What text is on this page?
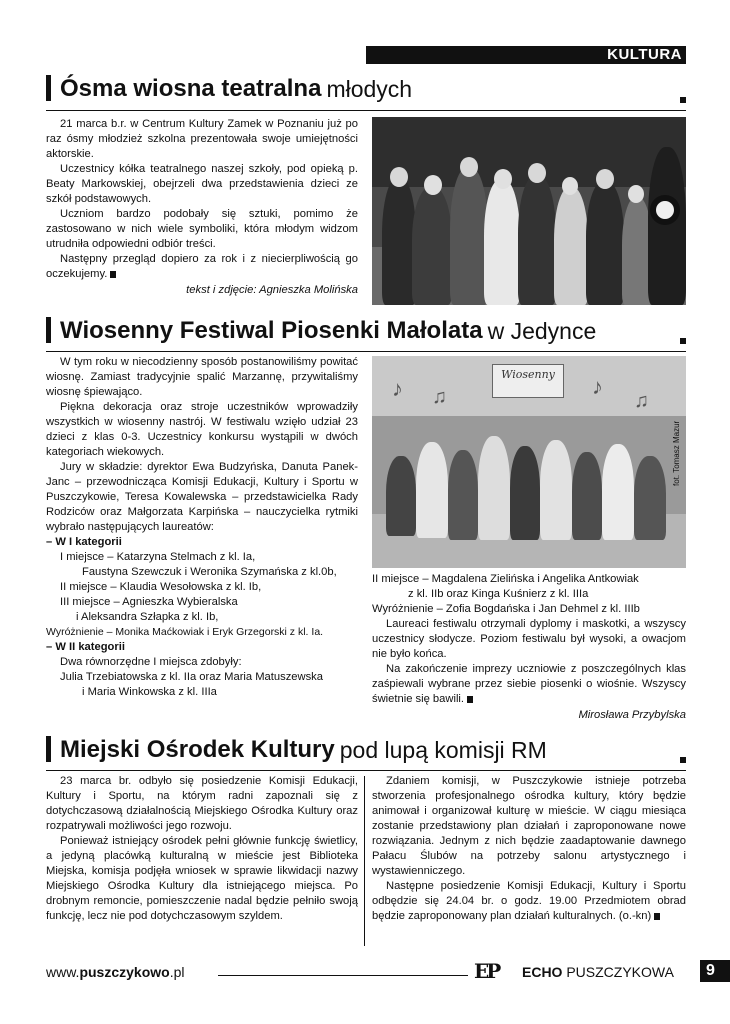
KULTURA
Ósma wiosna teatralna młodych

21 marca b.r. w Centrum Kultury Zamek w Poznaniu już po raz ósmy młodzież szkolna prezentowała swoje umiejętności aktorskie.

Uczestnicy kółka teatralnego naszej szkoły, pod opieką p. Beaty Markowskiej, obejrzeli dwa przedstawienia dzieci ze szkół podstawowych.

Uczniom bardzo podobały się sztuki, pomimo że zastosowano w nich wiele symboliki, która młodym widzom utrudniła odpowiedni odbiór treści.

Następny przegląd dopiero za rok i z niecierpliwością go oczekujemy.

tekst i zdjęcie: Agnieszka Molińska

Wiosenny Festiwal Piosenki Małolata w Jedynce

W tym roku w niecodzienny sposób postanowiliśmy powitać wiosnę. Zamiast tradycyjnie spalić Marzannę, przywitaliśmy wiosnę śpiewająco.

Piękna dekoracja oraz stroje uczestników wprowadziły wszystkich w wiosenny nastrój. W festiwalu wzięło udział 23 dzieci z klas 0-3. Uczestnicy konkursu wystąpili w dwóch kategoriach wiekowych.

Jury w składzie: dyrektor Ewa Budzyńska, Danuta Panek-Janc – przewodnicząca Komisji Edukacji, Kultury i Sportu w Puszczykowie, Teresa Kowalewska – przedstawicielka Rady Rodziców oraz Małgorzata Karpińska – nauczycielka rytmiki wybrało następujących laureatów:

– W I kategorii

I miejsce – Katarzyna Stelmach z kl. Ia,

Faustyna Szewczuk i Weronika Szymańska z kl.0b,

II miejsce – Klaudia Wesołowska z kl. Ib,

III miejsce – Agnieszka Wybieralska

i Aleksandra Szłapka z kl. Ib,

Wyróżnienie – Monika Maćkowiak i Eryk Grzegorski z kl. Ia.

– W II kategorii

Dwa równorzędne I miejsca zdobyły:

Julia Trzebiatowska z kl. IIa oraz Maria Matuszewska

i Maria Winkowska z kl. IIIa

Wiosenny
♪ ♫	♪
♫
fot. Tomasz Mazur

II miejsce – Magdalena Zielińska i Angelika Antkowiak

z kl. IIb oraz Kinga Kuśnierz z kl. IIIa

Wyróżnienie – Zofia Bogdańska i Jan Dehmel z kl. IIIb

Laureaci festiwalu otrzymali dyplomy i maskotki, a wszyscy uczestnicy słodycze. Poziom festiwalu był wysoki, a owacjom nie było końca.

Na zakończenie imprezy uczniowie z poszczególnych klas zaśpiewali wybrane przez siebie piosenki o wiośnie. Wszyscy świetnie się bawili.

Mirosława Przybylska

Miejski Ośrodek Kultury pod lupą komisji RM

23 marca br. odbyło się posiedzenie Komisji Edukacji, Kultury i Sportu, na którym radni zapoznali się z dotychczasową działalnością Miejskiego Ośrodka Kultury oraz rozpatrywali możliwości jego rozwoju.

Ponieważ istniejący ośrodek pełni głównie funkcję świetlicy, a jedyną placówką kulturalną w mieście jest Biblioteka Miejska, komisja podjęła wniosek w sprawie likwidacji nazwy Miejskiego Ośrodka Kultury dla istniejącego miejsca. Po drobnym remoncie, pomieszczenie nadal będzie pełniło swoją funkcję, lecz nie pod dotychczasowym szyldem.

Zdaniem komisji, w Puszczykowie istnieje potrzeba stworzenia profesjonalnego ośrodka kultury, który będzie animował i organizował kulturę w mieście. W ciągu miesiąca zostanie przedstawiony plan działań i zaproponowane nowe rozwiązania. Jednym z nich będzie zaadaptowanie dawnego Pałacu Ślubów na potrzeby salonu artystycznego i wystawienniczego.

Następne posiedzenie Komisji Edukacji, Kultury i Sportu odbędzie się 24.04 br. o godz. 19.00 Przedmiotem obrad będzie zaproponowany plan działań kulturalnych. (o.-kn)

www.puszczykowo.pl	EP	ECHO PUSZCZYKOWA	9
